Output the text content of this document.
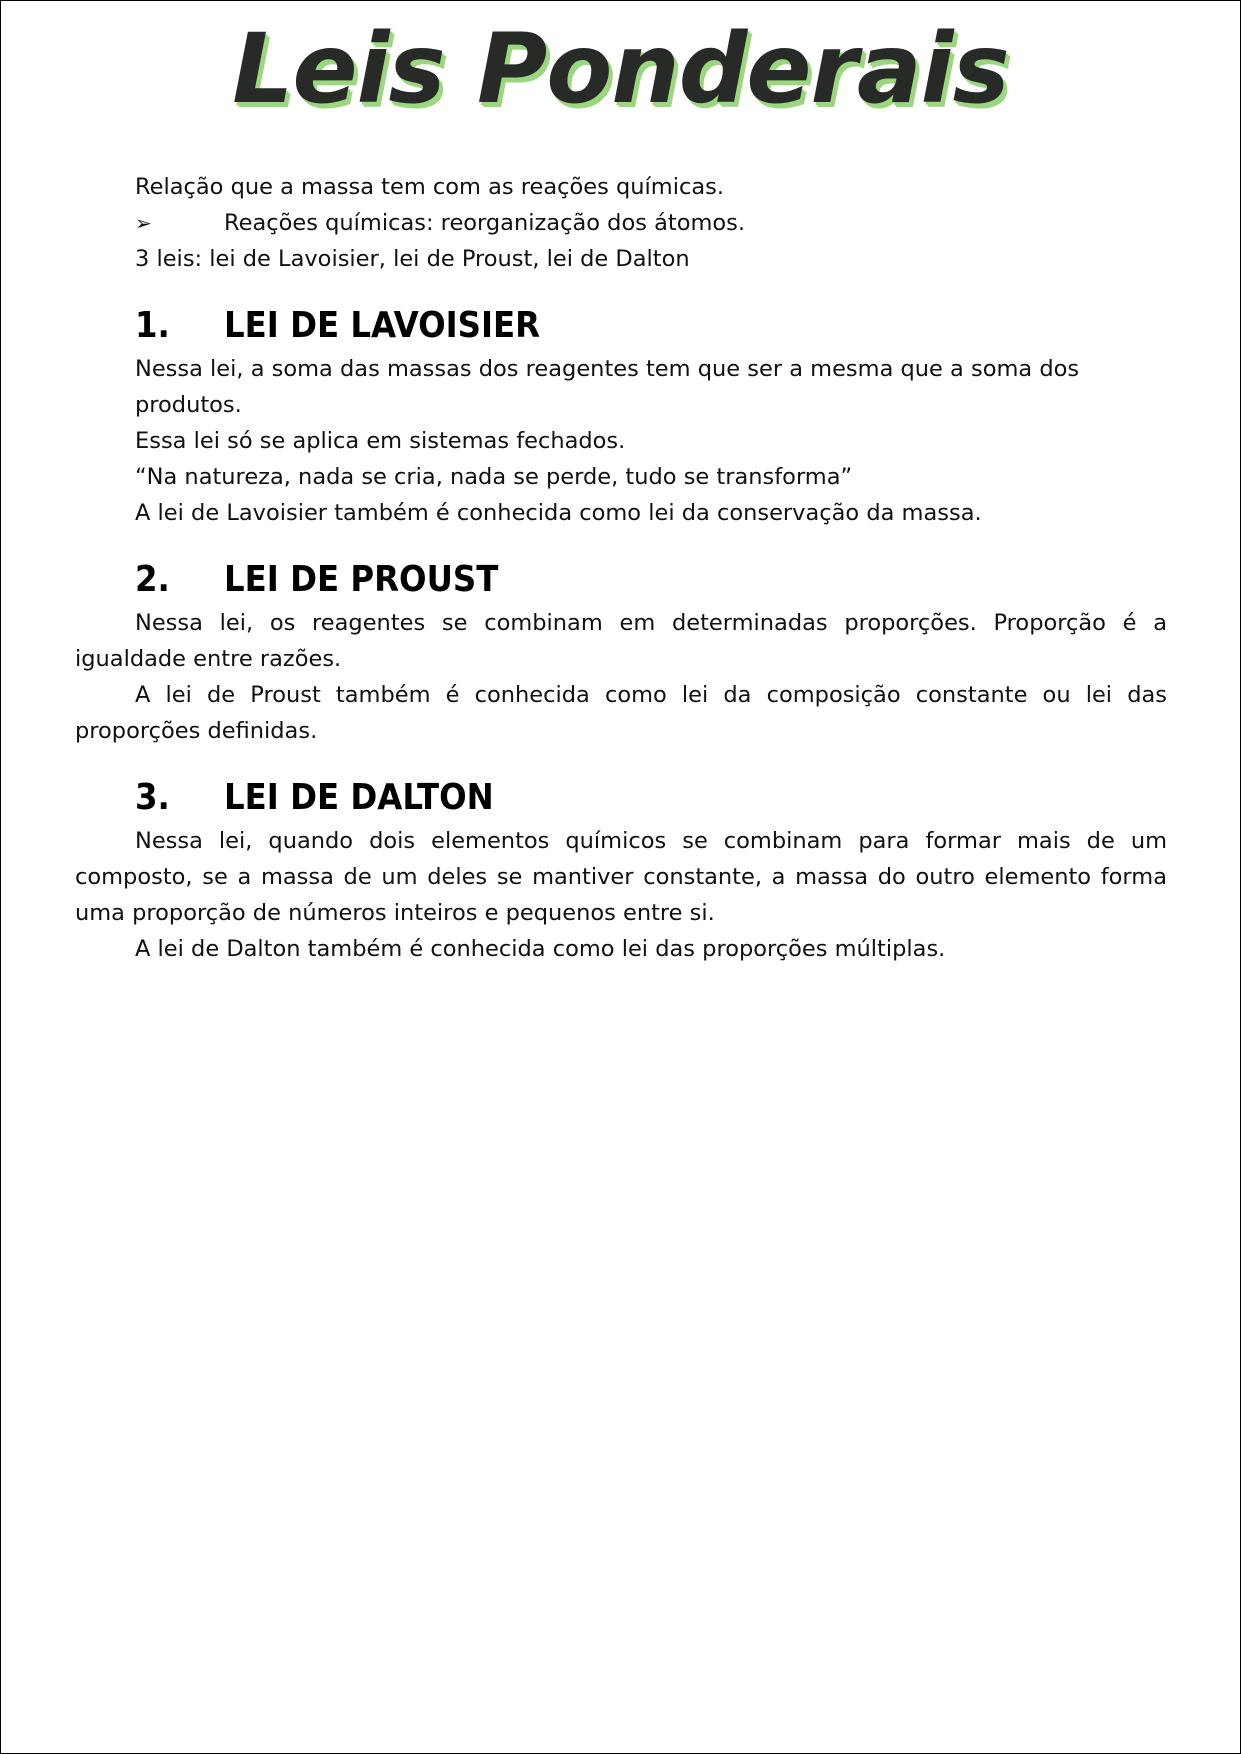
Leis Ponderais

Relação que a massa tem com as reações químicas.

➢	Reações químicas: reorganização dos átomos.

3 leis: lei de Lavoisier, lei de Proust, lei de Dalton

1. LEI DE LAVOISIER

Nessa lei, a soma das massas dos reagentes tem que ser a mesma que a soma dos produtos.

Essa lei só se aplica em sistemas fechados.

“Na natureza, nada se cria, nada se perde, tudo se transforma”

A lei de Lavoisier também é conhecida como lei da conservação da massa.

2. LEI DE PROUST

Nessa lei, os reagentes se combinam em determinadas proporções. Proporção é a igualdade entre razões.

A lei de Proust também é conhecida como lei da composição constante ou lei das proporções definidas.

3. LEI DE DALTON

Nessa lei, quando dois elementos químicos se combinam para formar mais de um composto, se a massa de um deles se mantiver constante, a massa do outro elemento forma uma proporção de números inteiros e pequenos entre si.

A lei de Dalton também é conhecida como lei das proporções múltiplas.
